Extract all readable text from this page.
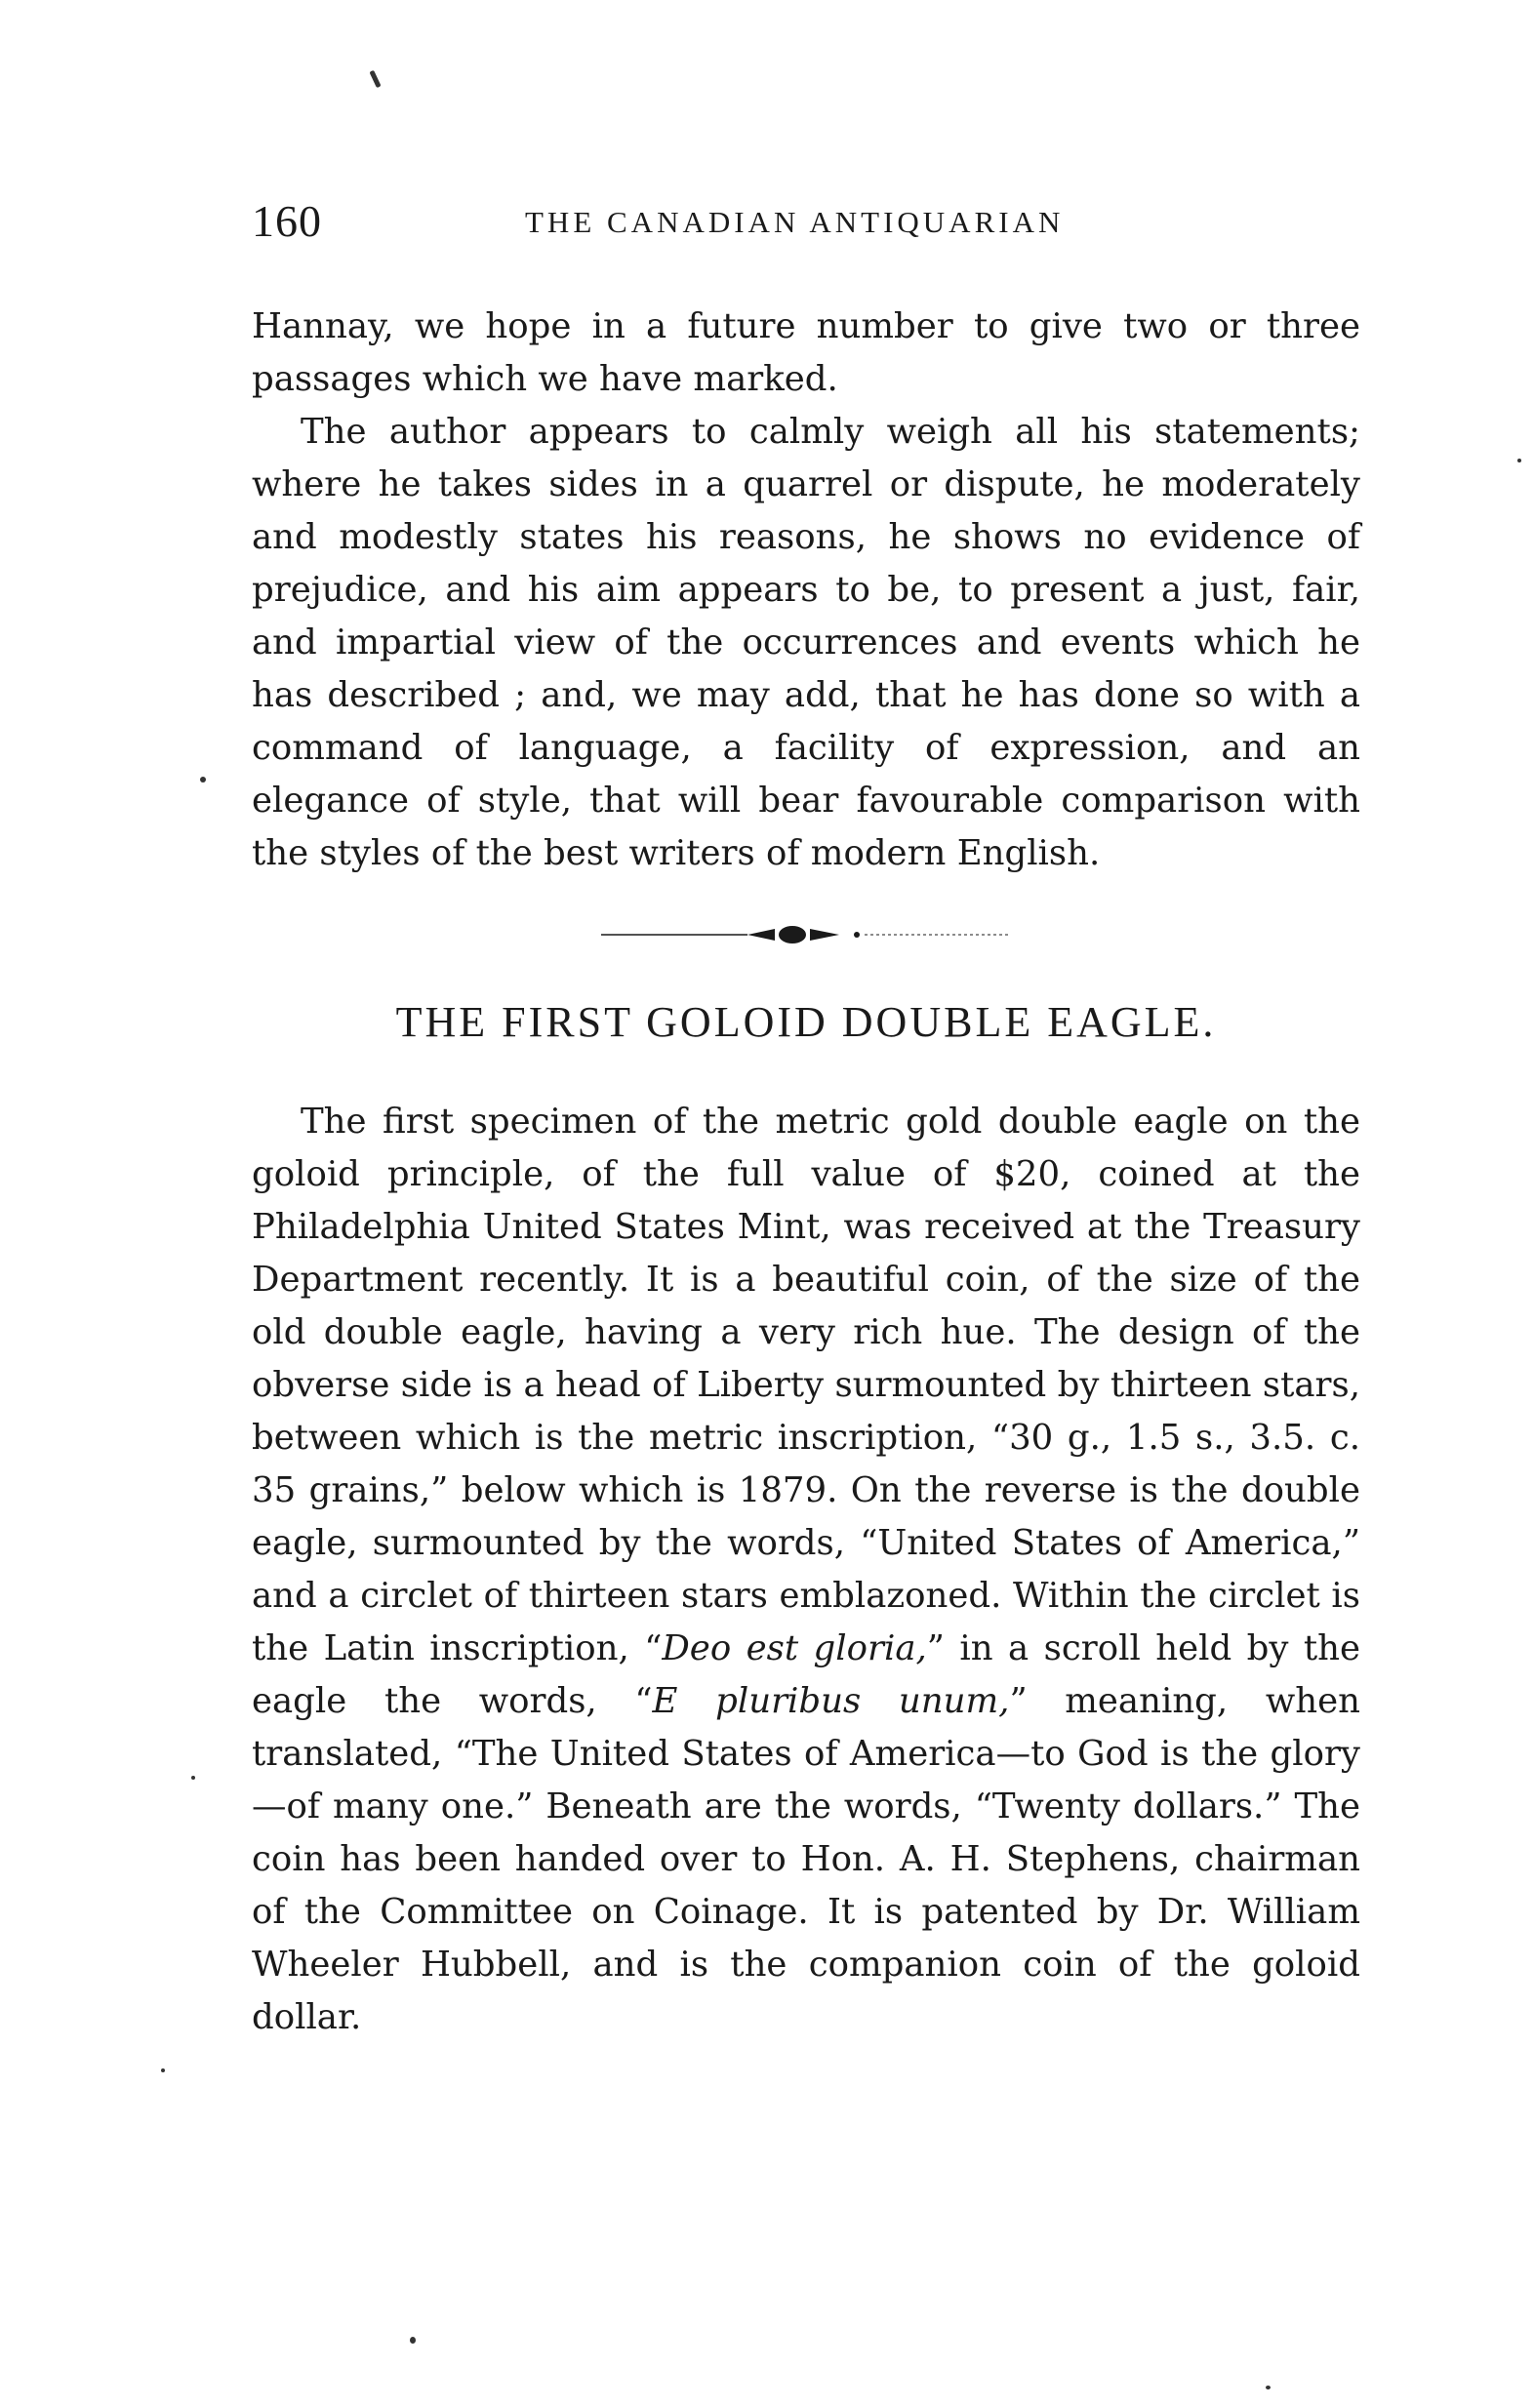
160	THE CANADIAN ANTIQUARIAN

Hannay, we hope in a future number to give two or three passages which we have marked.

The author appears to calmly weigh all his statements; where he takes sides in a quarrel or dispute, he moderately and modestly states his reasons, he shows no evidence of prejudice, and his aim appears to be, to present a just, fair, and impartial view of the occurrences and events which he has described ; and, we may add, that he has done so with a command of language, a facility of expression, and an elegance of style, that will bear favourable comparison with the styles of the best writers of modern English.

THE FIRST GOLOID DOUBLE EAGLE.

The first specimen of the metric gold double eagle on the goloid principle, of the full value of $20, coined at the Philadelphia United States Mint, was received at the Treasury Department recently. It is a beautiful coin, of the size of the old double eagle, having a very rich hue. The design of the obverse side is a head of Liberty surmounted by thirteen stars, between which is the metric inscription, “30 g., 1.5 s., 3.5. c. 35 grains,” below which is 1879. On the reverse is the double eagle, surmounted by the words, “United States of America,” and a circlet of thirteen stars emblazoned. Within the circlet is the Latin inscription, “Deo est gloria,” in a scroll held by the eagle the words, “E pluribus unum,” meaning, when translated, “The United States of America—to God is the glory—of many one.” Beneath are the words, “Twenty dollars.” The coin has been handed over to Hon. A. H. Stephens, chairman of the Committee on Coinage. It is patented by Dr. William Wheeler Hubbell, and is the companion coin of the goloid dollar.
